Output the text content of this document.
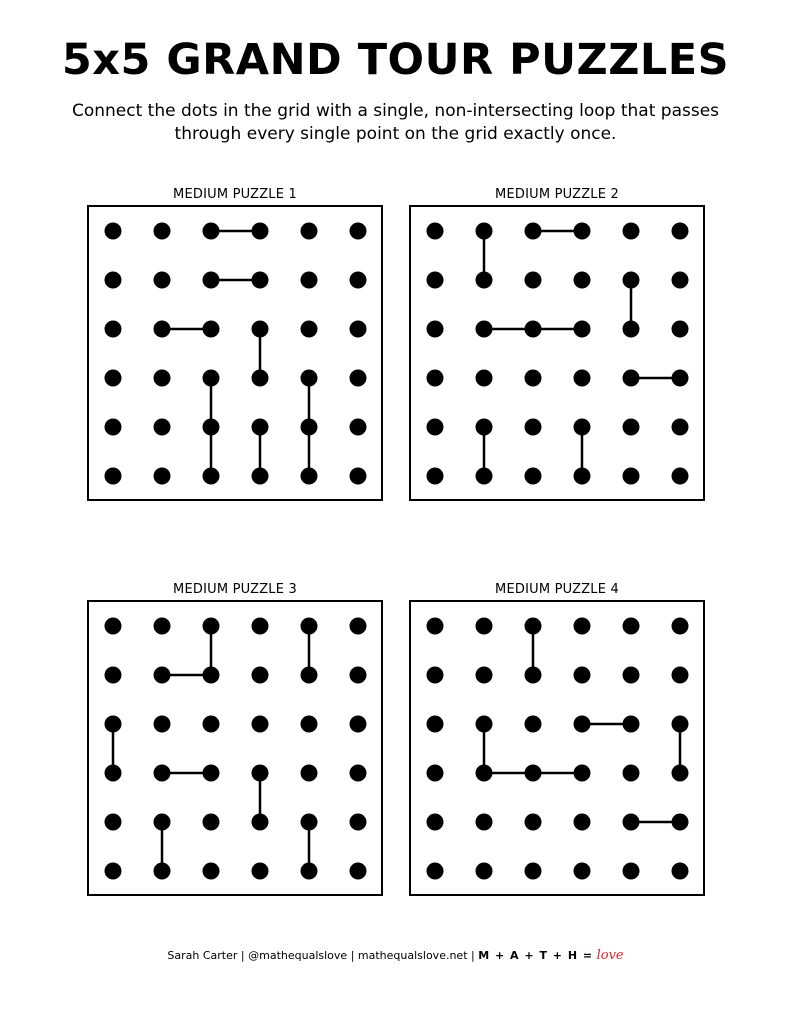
5x5 GRAND TOUR PUZZLES
Connect the dots in the grid with a single, non-intersecting loop that passes through every single point on the grid exactly once.
MEDIUM PUZZLE 1	MEDIUM PUZZLE 2
MEDIUM PUZZLE 3	MEDIUM PUZZLE 4
Sarah Carter | @mathequalslove | mathequalslove.net | M + A + T + H = love
